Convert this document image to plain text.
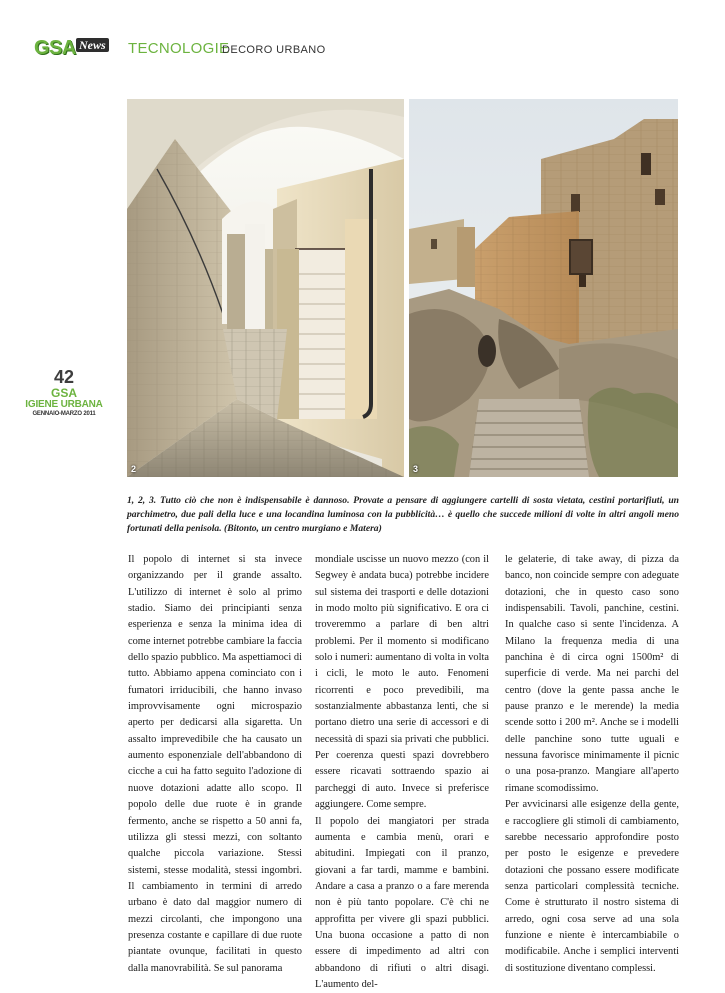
GSA News TECNOLOGIE
DECORO URBANO
42
GSA
IGIENE URBANA
GENNAIO-MARZO 2011
2	3
1, 2, 3. Tutto ciò che non è indispensabile è dannoso. Provate a pensare di aggiungere cartelli di sosta vietata, cestini portarifiuti, un parchimetro, due pali della luce e una locandina luminosa con la pubblicità… è quello che succede milioni di volte in altri angoli meno fortunati della penisola. (Bitonto, un centro murgiano e Matera)

Il popolo di internet si sta invece organizzando per il grande assalto. L'utilizzo di internet è solo al primo stadio. Siamo dei principianti senza esperienza e senza la minima idea di come internet potrebbe cambiare la faccia dello spazio pubblico. Ma aspettiamoci di tutto. Abbiamo appena cominciato con i fumatori irriducibili, che hanno invaso improvvisamente ogni microspazio aperto per dedicarsi alla sigaretta. Un assalto imprevedibile che ha causato un aumento esponenziale dell'abbandono di cicche a cui ha fatto seguito l'adozione di nuove dotazioni adatte allo scopo. Il popolo delle due ruote è in grande fermento, anche se rispetto a 50 anni fa, utilizza gli stessi mezzi, con soltanto qualche piccola variazione. Stessi sistemi, stesse modalità, stessi ingombri. Il cambiamento in termini di arredo urbano è dato dal maggior numero di mezzi circolanti, che impongono una presenza costante e capillare di due ruote piantate ovunque, facilitati in questo dalla manovrabilità. Se sul panorama

mondiale uscisse un nuovo mezzo (con il Segwey è andata buca) potrebbe incidere sul sistema dei trasporti e delle dotazioni in modo molto più significativo. E ora ci troveremmo a parlare di ben altri problemi. Per il momento si modificano solo i numeri: aumentano di volta in volta i cicli, le moto le auto. Fenomeni ricorrenti e poco prevedibili, ma sostanzialmente abbastanza lenti, che si portano dietro una serie di accessori e di necessità di spazi sia privati che pubblici. Per coerenza questi spazi dovrebbero essere ricavati sottraendo spazio ai parcheggi di auto. Invece si preferisce aggiungere. Come sempre.

Il popolo dei mangiatori per strada aumenta e cambia menù, orari e abitudini. Impiegati con il pranzo, giovani a far tardi, mamme e bambini. Andare a casa a pranzo o a fare merenda non è più tanto popolare. C'è chi ne approfitta per vivere gli spazi pubblici. Una buona occasione a patto di non essere di impedimento ad altri con abbandono di rifiuti o altri disagi. L'aumento del-

le gelaterie, di take away, di pizza da banco, non coincide sempre con adeguate dotazioni, che in questo caso sono indispensabili. Tavoli, panchine, cestini. In qualche caso si sente l'incidenza. A Milano la frequenza media di una panchina è di circa ogni 1500m² di superficie di verde. Ma nei parchi del centro (dove la gente passa anche le pause pranzo e le merende) la media scende sotto i 200 m². Anche se i modelli delle panchine sono tutte uguali e nessuna favorisce minimamente il picnic o una posa-pranzo. Mangiare all'aperto rimane scomodissimo.

Per avvicinarsi alle esigenze della gente, e raccogliere gli stimoli di cambiamento, sarebbe necessario approfondire posto per posto le esigenze e prevedere dotazioni che possano essere modificate senza particolari complessità tecniche. Come è strutturato il nostro sistema di arredo, ogni cosa serve ad una sola funzione e niente è intercambiabile o modificabile. Anche i semplici interventi di sostituzione diventano complessi.
